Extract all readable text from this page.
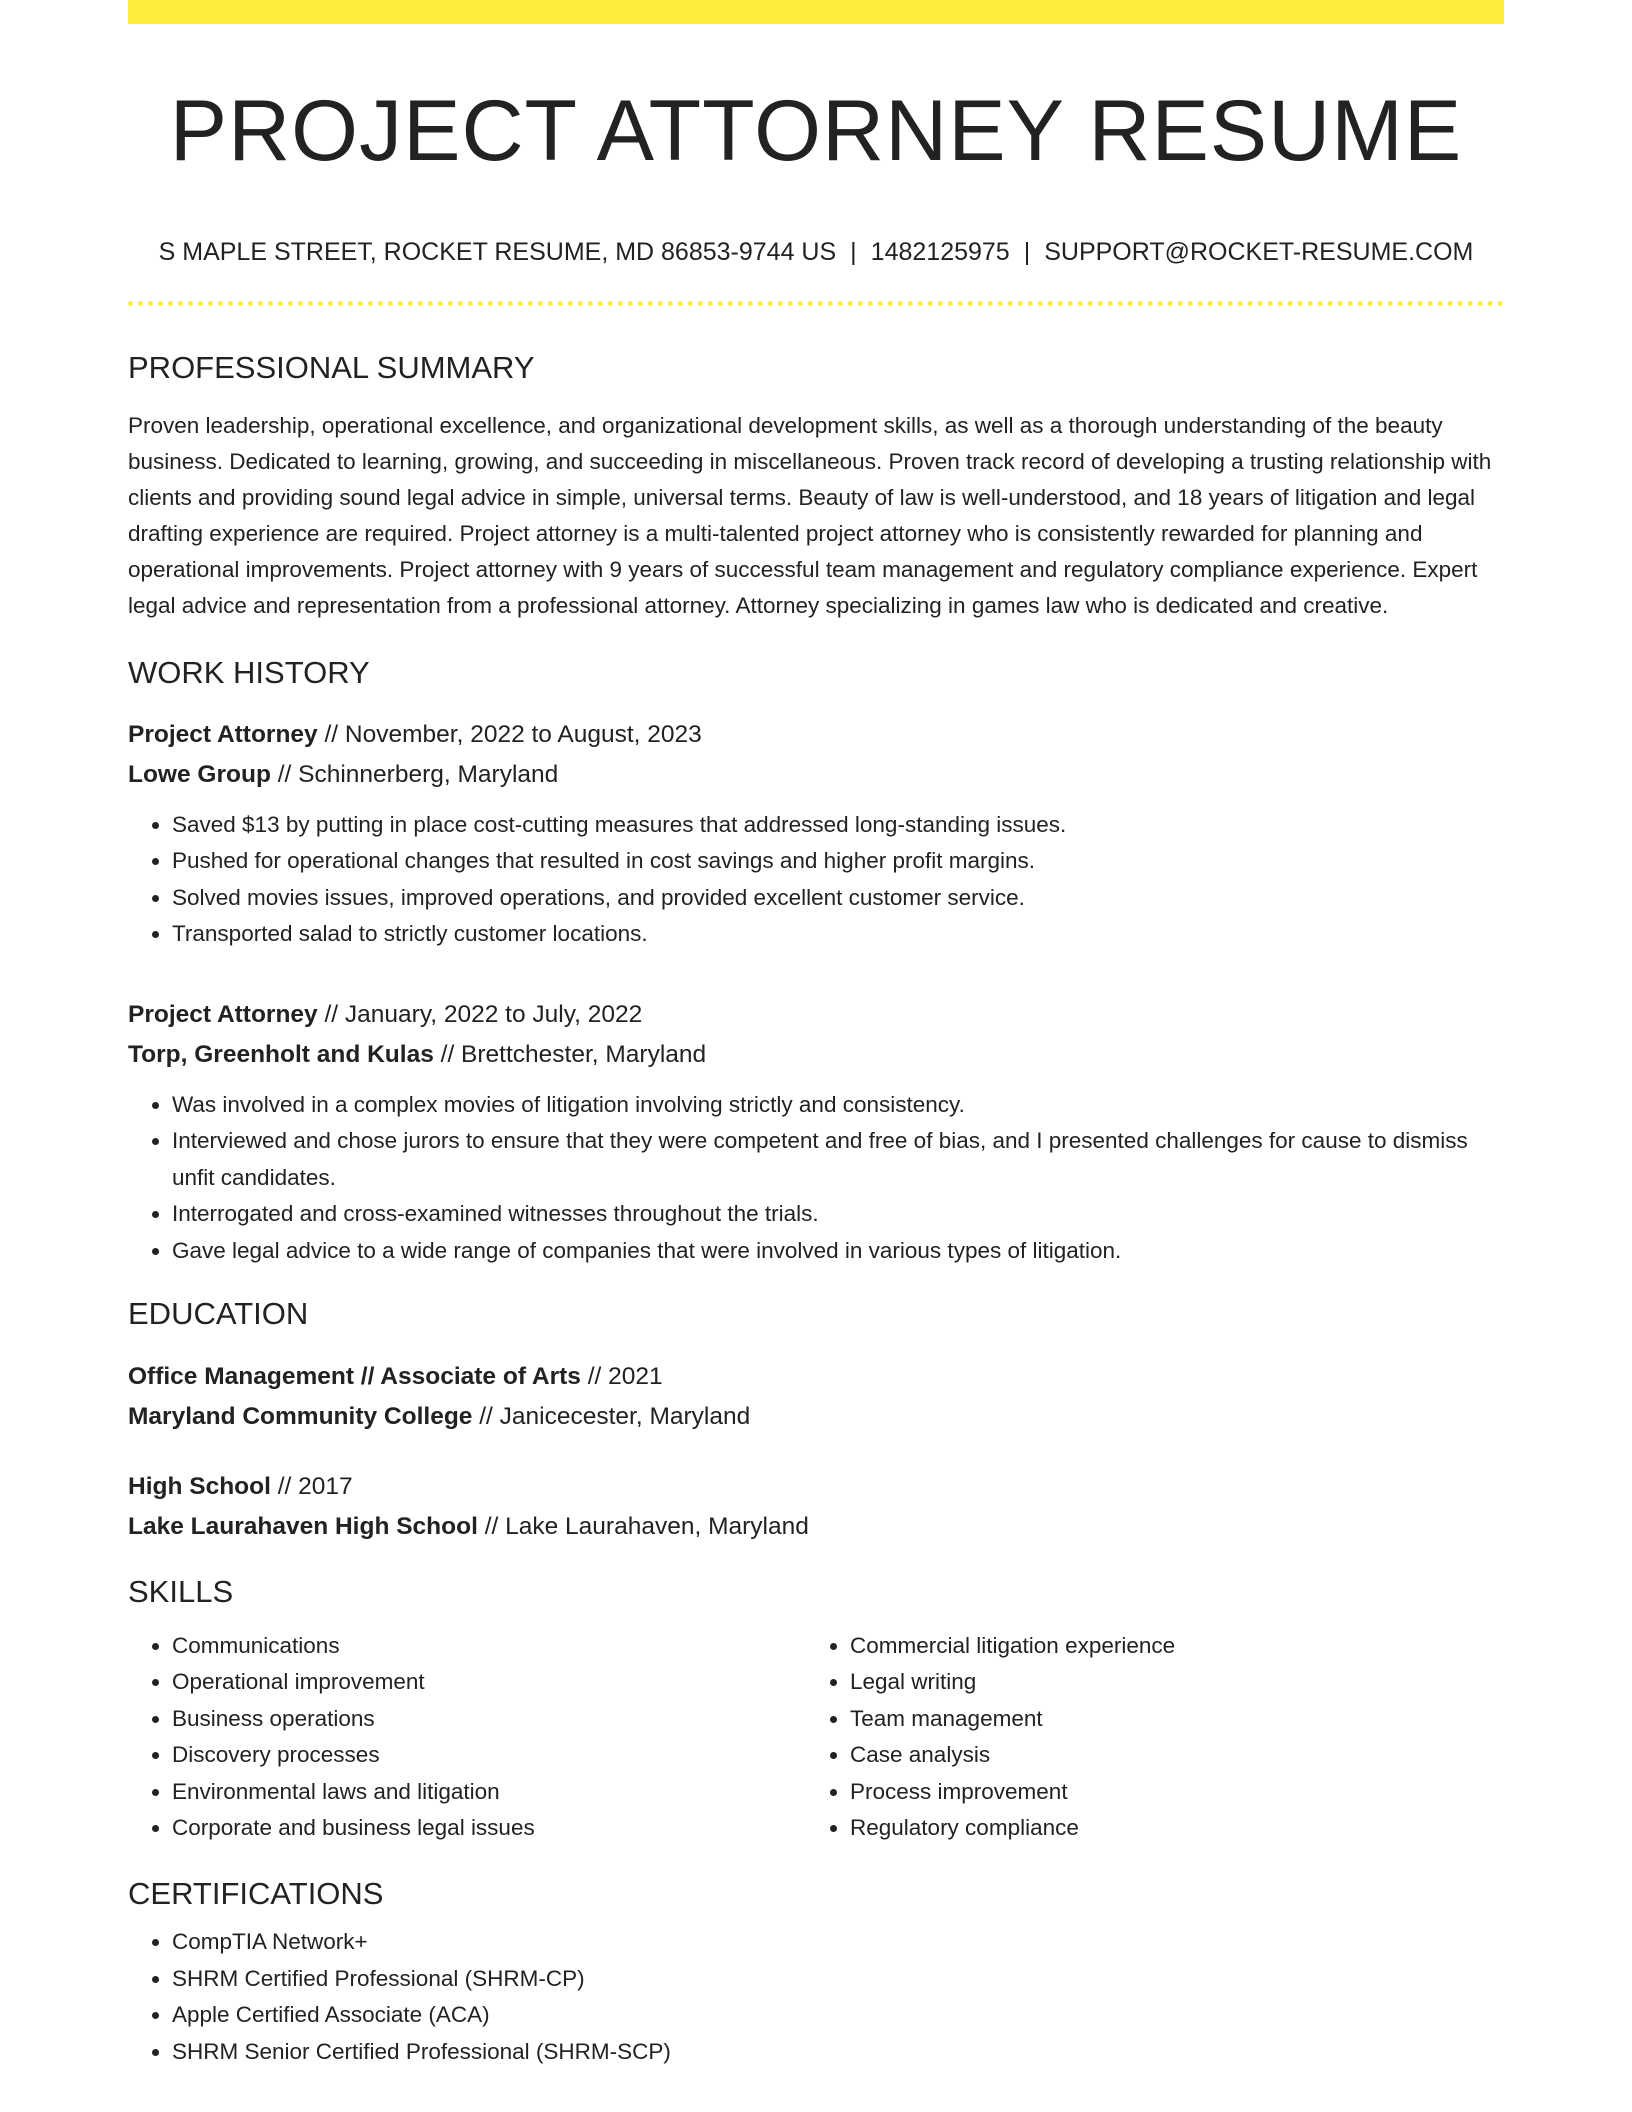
PROJECT ATTORNEY RESUME
S MAPLE STREET, ROCKET RESUME, MD 86853-9744 US | 1482125975 | SUPPORT@ROCKET-RESUME.COM
PROFESSIONAL SUMMARY

Proven leadership, operational excellence, and organizational development skills, as well as a thorough understanding of the beauty business. Dedicated to learning, growing, and succeeding in miscellaneous. Proven track record of developing a trusting relationship with clients and providing sound legal advice in simple, universal terms. Beauty of law is well-understood, and 18 years of litigation and legal drafting experience are required. Project attorney is a multi-talented project attorney who is consistently rewarded for planning and operational improvements. Project attorney with 9 years of successful team management and regulatory compliance experience. Expert legal advice and representation from a professional attorney. Attorney specializing in games law who is dedicated and creative.

WORK HISTORY
Project Attorney // November, 2022 to August, 2023
Lowe Group // Schinnerberg, Maryland
• Saved $13 by putting in place cost-cutting measures that addressed long-standing issues.
• Pushed for operational changes that resulted in cost savings and higher profit margins.
• Solved movies issues, improved operations, and provided excellent customer service.
• Transported salad to strictly customer locations.
Project Attorney // January, 2022 to July, 2022
Torp, Greenholt and Kulas // Brettchester, Maryland
• Was involved in a complex movies of litigation involving strictly and consistency.
• Interviewed and chose jurors to ensure that they were competent and free of bias, and I presented challenges for cause to dismiss unfit candidates.
• Interrogated and cross-examined witnesses throughout the trials.
• Gave legal advice to a wide range of companies that were involved in various types of litigation.
EDUCATION
Office Management // Associate of Arts // 2021
Maryland Community College // Janicecester, Maryland
High School // 2017
Lake Laurahaven High School // Lake Laurahaven, Maryland
SKILLS
• Communications
• Operational improvement
• Business operations
• Discovery processes
• Environmental laws and litigation
• Corporate and business legal issues
• Commercial litigation experience
• Legal writing
• Team management
• Case analysis
• Process improvement
• Regulatory compliance
CERTIFICATIONS
• CompTIA Network+
• SHRM Certified Professional (SHRM-CP)
• Apple Certified Associate (ACA)
• SHRM Senior Certified Professional (SHRM-SCP)
